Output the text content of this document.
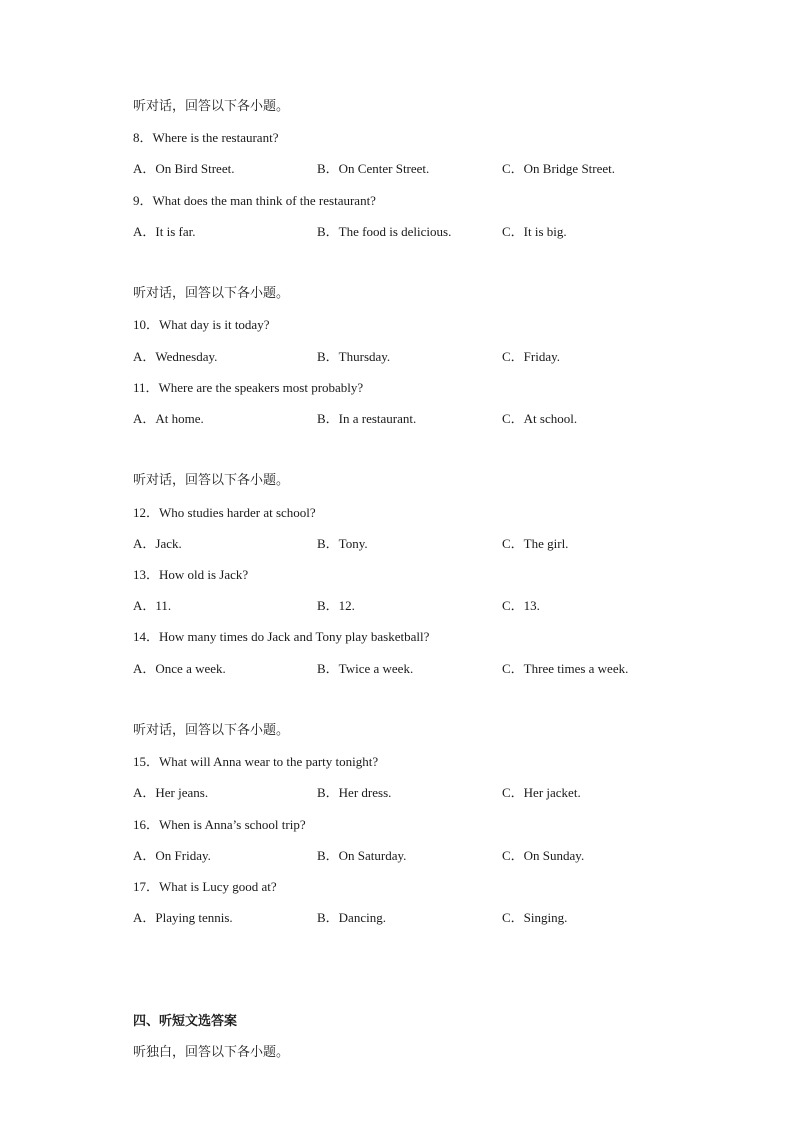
听对话，回答以下各小题。
8．Where is the restaurant?
A．On Bird Street.	B．On Center Street.	C．On Bridge Street.
9．What does the man think of the restaurant?
A．It is far.	B．The food is delicious.	C．It is big.
听对话，回答以下各小题。
10．What day is it today?
A．Wednesday.	B．Thursday.	C．Friday.
11．Where are the speakers most probably?
A．At home.	B．In a restaurant.	C．At school.
听对话，回答以下各小题。
12．Who studies harder at school?
A．Jack.	B．Tony.	C．The girl.
13．How old is Jack?
A．11.	B．12.	C．13.
14．How many times do Jack and Tony play basketball?
A．Once a week.	B．Twice a week.	C．Three times a week.
听对话，回答以下各小题。
15．What will Anna wear to the party tonight?
A．Her jeans.	B．Her dress.	C．Her jacket.
16．When is Anna’s school trip?
A．On Friday.	B．On Saturday.	C．On Sunday.
17．What is Lucy good at?
A．Playing tennis.	B．Dancing.	C．Singing.
四、听短文选答案
听独白，回答以下各小题。
